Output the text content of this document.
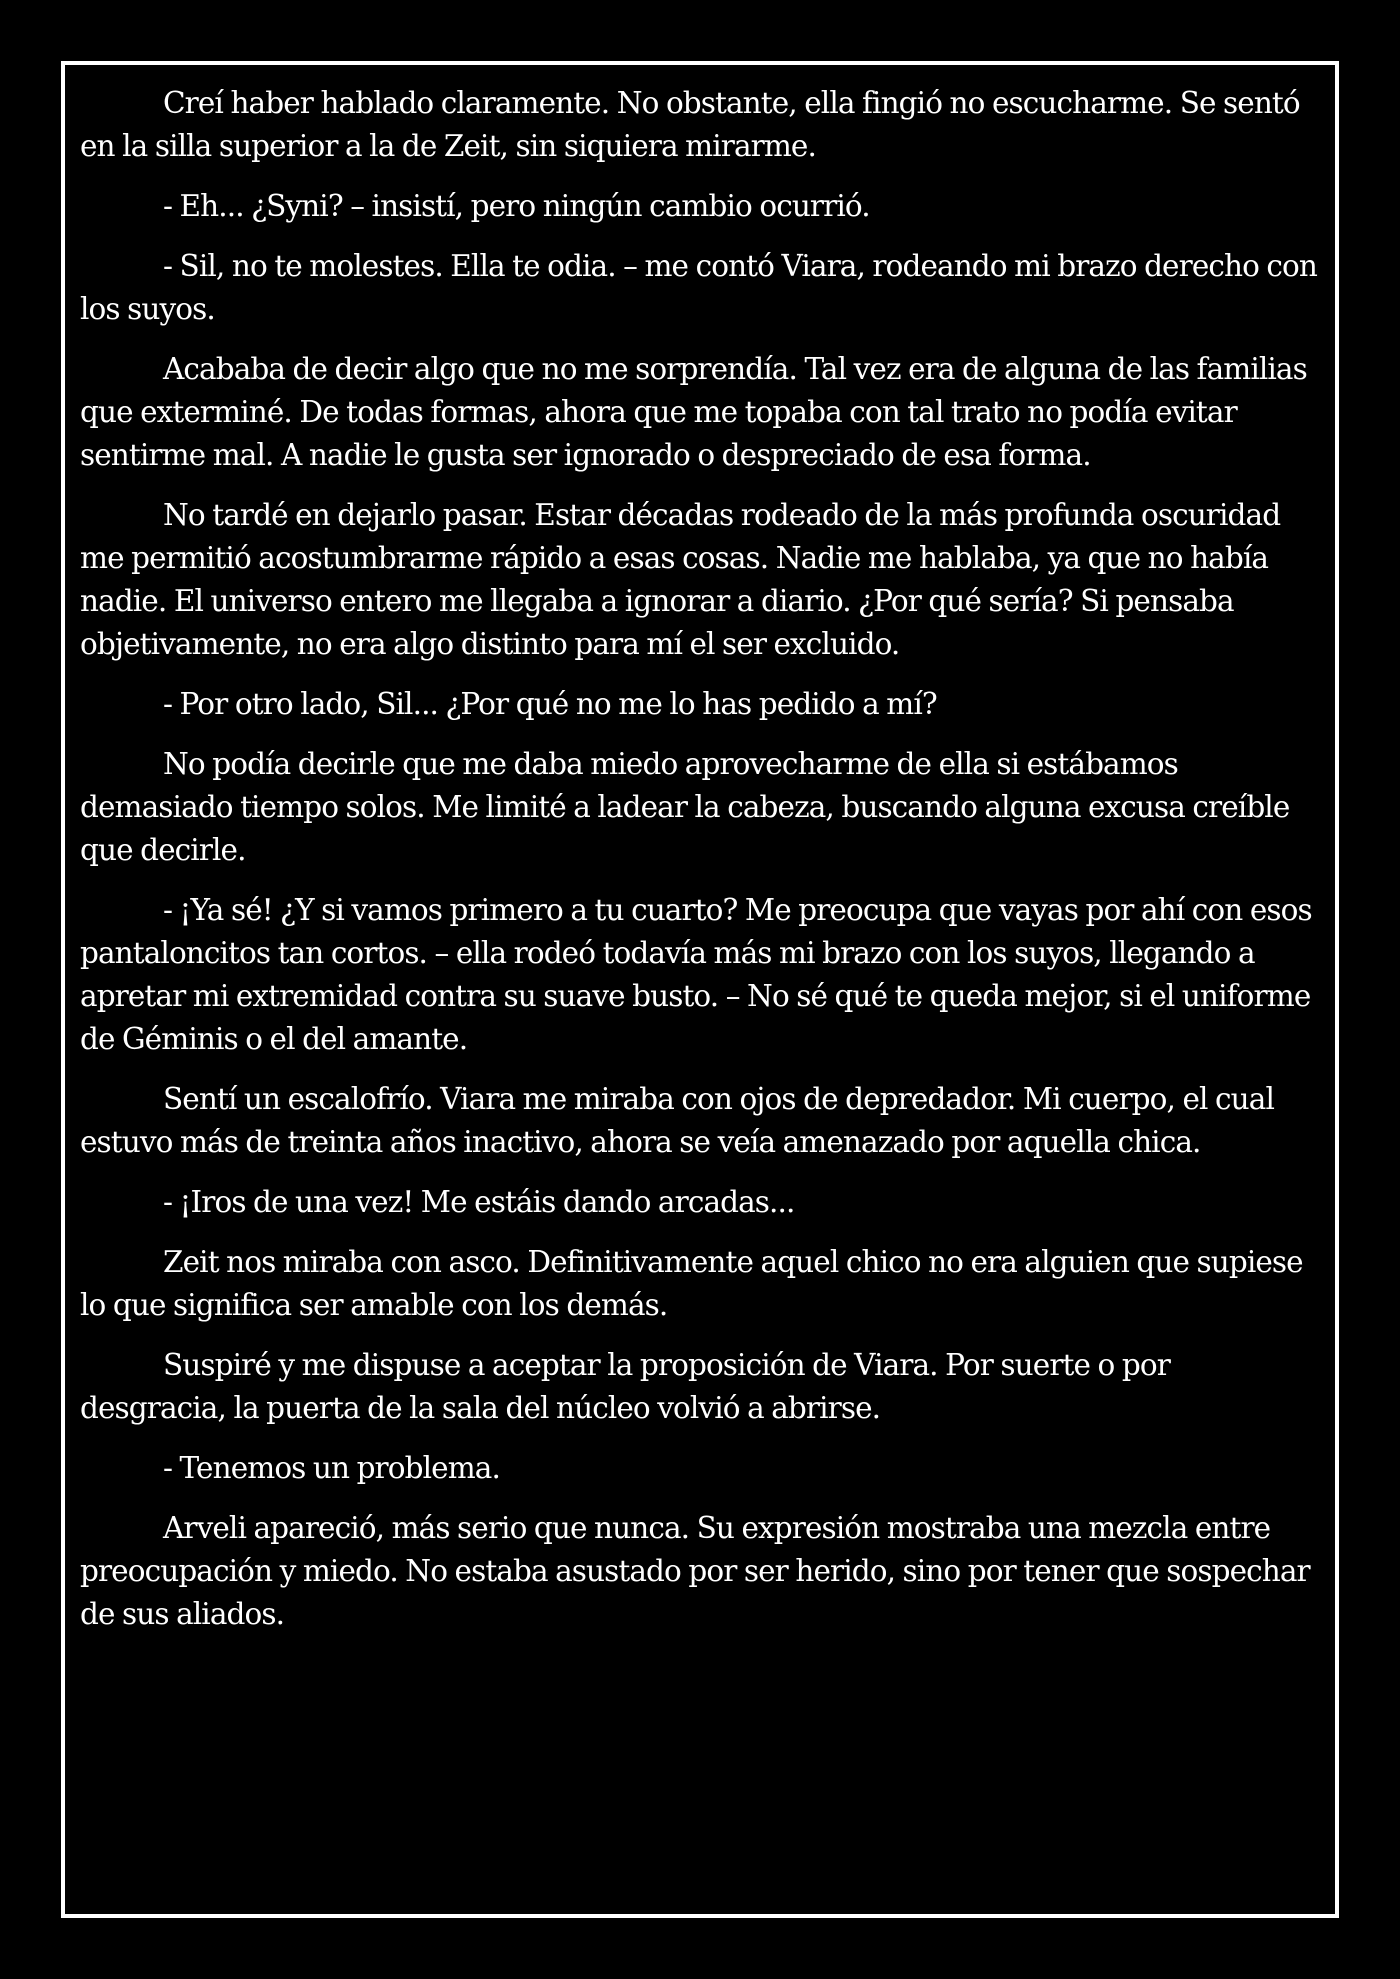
Creí haber hablado claramente. No obstante, ella fingió no escucharme. Se sentó en la silla superior a la de Zeit, sin siquiera mirarme.

- Eh... ¿Syni? – insistí, pero ningún cambio ocurrió.

- Sil, no te molestes. Ella te odia. – me contó Viara, rodeando mi brazo derecho con los suyos.

Acababa de decir algo que no me sorprendía. Tal vez era de alguna de las familias que exterminé. De todas formas, ahora que me topaba con tal trato no podía evitar sentirme mal. A nadie le gusta ser ignorado o despreciado de esa forma.

No tardé en dejarlo pasar. Estar décadas rodeado de la más profunda oscuridad me permitió acostumbrarme rápido a esas cosas. Nadie me hablaba, ya que no había nadie. El universo entero me llegaba a ignorar a diario. ¿Por qué sería? Si pensaba objetivamente, no era algo distinto para mí el ser excluido.

- Por otro lado, Sil... ¿Por qué no me lo has pedido a mí?

No podía decirle que me daba miedo aprovecharme de ella si estábamos demasiado tiempo solos. Me limité a ladear la cabeza, buscando alguna excusa creíble que decirle.

- ¡Ya sé! ¿Y si vamos primero a tu cuarto? Me preocupa que vayas por ahí con esos pantaloncitos tan cortos. – ella rodeó todavía más mi brazo con los suyos, llegando a apretar mi extremidad contra su suave busto. – No sé qué te queda mejor, si el uniforme de Géminis o el del amante.

Sentí un escalofrío. Viara me miraba con ojos de depredador. Mi cuerpo, el cual estuvo más de treinta años inactivo, ahora se veía amenazado por aquella chica.

- ¡Iros de una vez! Me estáis dando arcadas...

Zeit nos miraba con asco. Definitivamente aquel chico no era alguien que supiese lo que significa ser amable con los demás.

Suspiré y me dispuse a aceptar la proposición de Viara. Por suerte o por desgracia, la puerta de la sala del núcleo volvió a abrirse.

- Tenemos un problema.

Arveli apareció, más serio que nunca. Su expresión mostraba una mezcla entre preocupación y miedo. No estaba asustado por ser herido, sino por tener que sospechar de sus aliados.
